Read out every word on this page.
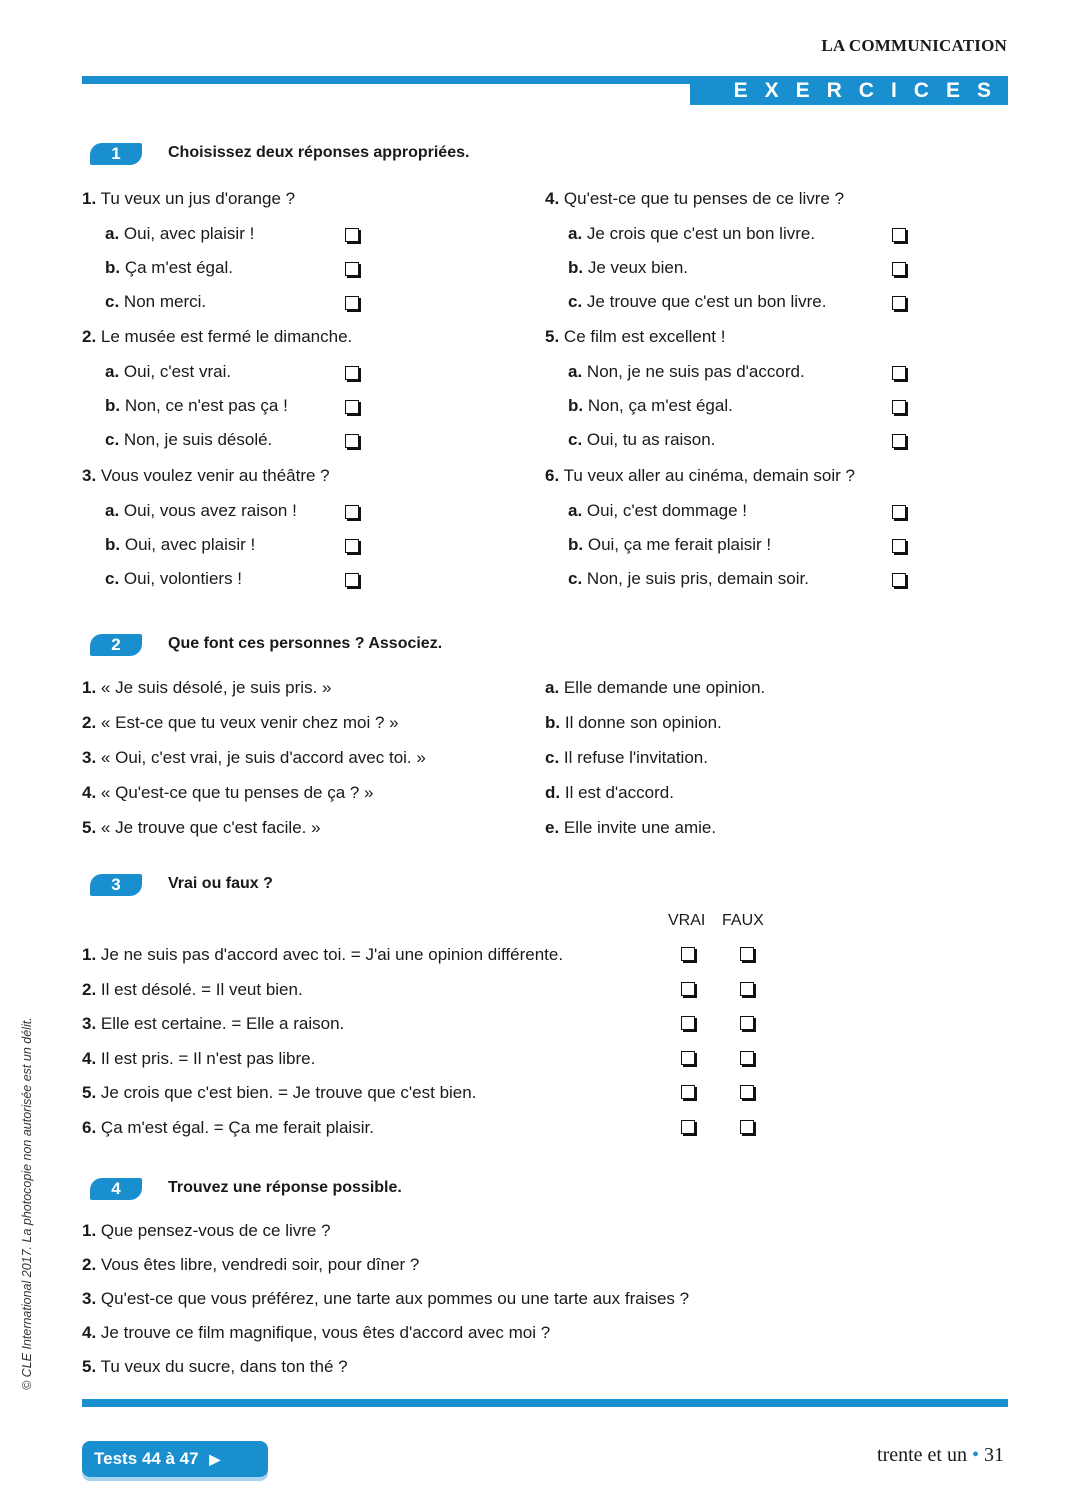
LA COMMUNICATION
EXERCICES
1	Choisissez deux réponses appropriées.
1. Tu veux un jus d'orange ?
a. Oui, avec plaisir !
b. Ça m'est égal.
c. Non merci.
2. Le musée est fermé le dimanche.
a. Oui, c'est vrai.
b. Non, ce n'est pas ça !
c. Non, je suis désolé.
3. Vous voulez venir au théâtre ?
a. Oui, vous avez raison !
b. Oui, avec plaisir !
c. Oui, volontiers !
4. Qu'est-ce que tu penses de ce livre ?
a. Je crois que c'est un bon livre.
b. Je veux bien.
c. Je trouve que c'est un bon livre.
5. Ce film est excellent !
a. Non, je ne suis pas d'accord.
b. Non, ça m'est égal.
c. Oui, tu as raison.
6. Tu veux aller au cinéma, demain soir ?
a. Oui, c'est dommage !
b. Oui, ça me ferait plaisir !
c. Non, je suis pris, demain soir.
2	Que font ces personnes ? Associez.
1. « Je suis désolé, je suis pris. »
2. « Est-ce que tu veux venir chez moi ? »
3. « Oui, c'est vrai, je suis d'accord avec toi. »
4. « Qu'est-ce que tu penses de ça ? »
5. « Je trouve que c'est facile. »
a. Elle demande une opinion.
b. Il donne son opinion.
c. Il refuse l'invitation.
d. Il est d'accord.
e. Elle invite une amie.
3	Vrai ou faux ?
VRAI FAUX
1. Je ne suis pas d'accord avec toi. = J'ai une opinion différente.
2. Il est désolé. = Il veut bien.
3. Elle est certaine. = Elle a raison.
4. Il est pris. = Il n'est pas libre.
5. Je crois que c'est bien. = Je trouve que c'est bien.
6. Ça m'est égal. = Ça me ferait plaisir.
4	Trouvez une réponse possible.
1. Que pensez-vous de ce livre ?
2. Vous êtes libre, vendredi soir, pour dîner ?
3. Qu'est-ce que vous préférez, une tarte aux pommes ou une tarte aux fraises ?
4. Je trouve ce film magnifique, vous êtes d'accord avec moi ?
5. Tu veux du sucre, dans ton thé ?
© CLE International 2017. La photocopie non autorisée est un délit.
Tests 44 à 47 ▶	trente et un • 31
